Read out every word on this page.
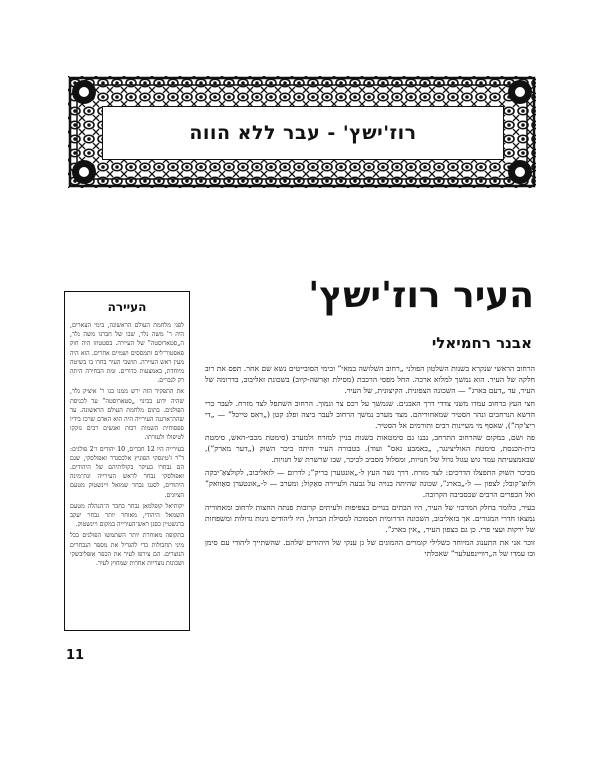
רוז'ישץ' - עבר ללא הווה
העיר רוז'ישץ'
אבנר רחמיאלי

הרחוב הראשי שנקרא בשנות השלטון הפולני „רחוב השלושה במאי” ובימי הסובייטים נשא שם אחר. תפס את רוב חלקה של העיר. הוא נמשך למלוא ארכה. החל מפסי הרכבת (מסילת ואַרשה-קיוב) בשכונת זאליבוב, בדרומה של העיר, עד „דעם בארג” — השכונה הצפונית. הקיצונית, של העיר.

חצי העץ ברחוב עמדו משני צדדי דרך האבנים. שנמשך על רכס צר ונמוך. הרחוב השתפל לצד מזרח. לעבר כרי הדשא הנרחבים ונהר הסטיר שמאחוריהם. מצד מערב נמשך הרחוב לעבר ביצה ופלג קטן („דאס טייכל” — „די ריצ'קה”), שאסף מי מעיינות רבים ותורמים אל הסטיר.

פה ושם, במקום שהרחוב התרחב, נבנו גם סימטאות בשנות בניין למזרח ולמערב (סימטת מכבי-האש, סימטת בית-הכנסת, סימטת האוליצינגר, „באמבע גאס” ועוד). בטבורה העיר היתה כיכר השוק („דער מארק”), שבאמצעיתה עמד גוש עגול גדול של חנויות, ומסלול מסביב לכיכר, שבו שרשרת של חנויות.

מכיכר השוק התפצלו הדרכים: לצד מזרח. דרך גשר העץ ל-„אונטערן בריק”; לדרום — לזאליבוב, לקולצאַ־יבקה ולזוּצ־קובל; לצפון — ל-„בארג”, שכונה שהיתה בנויה על גבעה ולעיירה סאַקוֹל; ומערב — ל-„אונטערן סאַוואק” ואל הכפרים הרבים שבסביבה הקרובה.

בעיר, כלומר בחלק המרכזי של העיר, היו הבתים בנויים בצפיפות ולעיתים קרובות פנתה החצות לרחוב ומאחוריה נמצאו חדרי המגורים. אך בזאליבוב, השכונה הדרומית הסמוכה למסילת הברזל, היו ליהודים גינות גדולות ומשפחות של ירקות ועצי פרי. כן גם בצפון העיר, „אין בארג”.

זוכר אני את התענוג המיוחד כשלילי קומרים ההמונים של גן ענקי של היהודים שלהם. שהשתייך ליהודי עם סימן ובו עמדו של ה„רוויינפעלער” שאכלתי

העיירה

לפני מלחמת העולם הראשונה, בימי הצארים, היה ר' משה נלר, שבו של חברנו משה נלר, ה„סטארוסטה” של העיירה. בסטטוזו היה חוק פאסטור־לים ותמססים ושמיים אחרים. הוא היה מעין ראש העיירה. תושבי העיר בחרו בו בשיטה מיוחדת, באמצעות כדורים. זמת הבחירה היתה רק לגברים.

את התפקיד הזה ירש ממנו בנו ר' איציק גלר, שהיה ידוע בכינוי „סטאַרוסטה” עד לכניסת הפולנים. בתום מלחמת העולם הראשונה. עד שהת־ארגנה העירייה היה הוא האדם שרכז בידיו ספסוחית השמות רבות ואנשים רבים נזקקו לטיפולו ולעזרתו.

בעירייה היו 12 חברים, 10 יהודים ו־2 פולנים: ד"ר ז'טינסקי הפוניץ אלכסנדר זאפולסקי, שגם הם נבחרו בעיקר בקולותיהם של היהודים. זאפולסקי נבחר לראש העירייה ונת־מינה היהודים, לסגנו נבחר שמואל ויינשטוק מטעם הציונים.

יקותיאל קופלמאן נבחר כחבר ה־הנהלה מטעם השמאל היהודי, מאוחר יותר נבחר יעקב ברנשטיין כסגן ראש־העירייה במקום ויינשטוק.

בתקופה מאוחרת יותר השתמשו הפולנים בכל מיני תחבולות כדי להגדיל את מספר הנבחרים הנוצרים. הם צירפו לעיר את הכפר אַזפּליבשקי ושכונות נוצריות אחרות שמחוץ לעיר.

11
